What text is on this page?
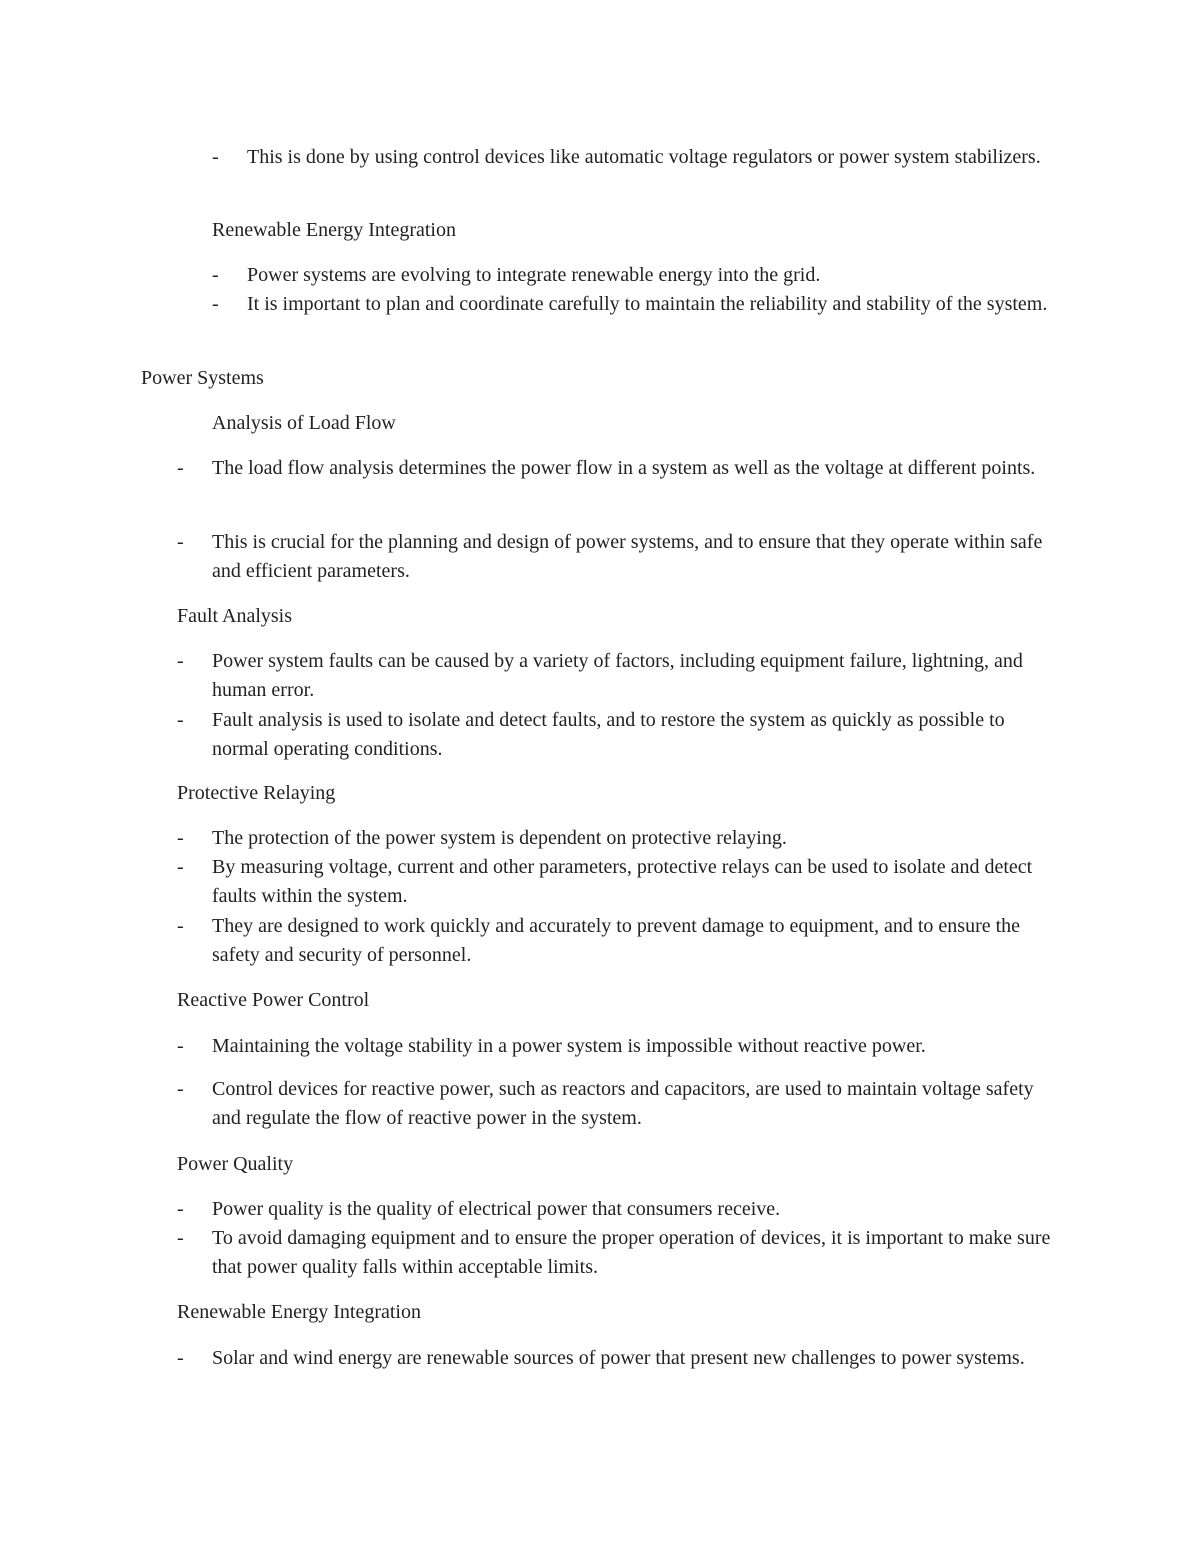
- This is done by using control devices like automatic voltage regulators or power system stabilizers.

Renewable Energy Integration

- Power systems are evolving to integrate renewable energy into the grid.
- It is important to plan and coordinate carefully to maintain the reliability and stability of the system.

Power Systems

Analysis of Load Flow

- The load flow analysis determines the power flow in a system as well as the voltage at different points.
- This is crucial for the planning and design of power systems, and to ensure that they operate within safe and efficient parameters.

Fault Analysis

- Power system faults can be caused by a variety of factors, including equipment failure, lightning, and human error.
- Fault analysis is used to isolate and detect faults, and to restore the system as quickly as possible to normal operating conditions.

Protective Relaying

- The protection of the power system is dependent on protective relaying.
- By measuring voltage, current and other parameters, protective relays can be used to isolate and detect faults within the system.
- They are designed to work quickly and accurately to prevent damage to equipment, and to ensure the safety and security of personnel.

Reactive Power Control

- Maintaining the voltage stability in a power system is impossible without reactive power.
- Control devices for reactive power, such as reactors and capacitors, are used to maintain voltage safety and regulate the flow of reactive power in the system.

Power Quality

- Power quality is the quality of electrical power that consumers receive.
- To avoid damaging equipment and to ensure the proper operation of devices, it is important to make sure that power quality falls within acceptable limits.

Renewable Energy Integration

- Solar and wind energy are renewable sources of power that present new challenges to power systems.
